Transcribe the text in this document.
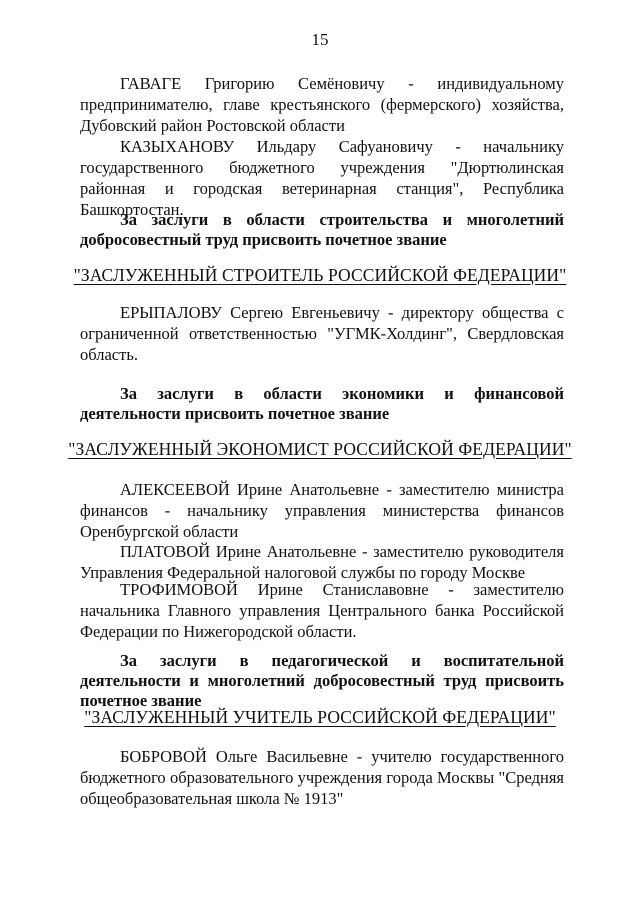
15
ГАВАГЕ Григорию Семёновичу - индивидуальному предпринимателю, главе крестьянского (фермерского) хозяйства, Дубовский район Ростовской области
КАЗЫХАНОВУ Ильдару Сафуановичу - начальнику государственного бюджетного учреждения "Дюртюлинская районная и городская ветеринарная станция", Республика Башкортостан.
За заслуги в области строительства и многолетний добросовестный труд присвоить почетное звание
"ЗАСЛУЖЕННЫЙ СТРОИТЕЛЬ РОССИЙСКОЙ ФЕДЕРАЦИИ"
ЕРЫПАЛОВУ Сергею Евгеньевичу - директору общества с ограниченной ответственностью "УГМК-Холдинг", Свердловская область.
За заслуги в области экономики и финансовой деятельности присвоить почетное звание
"ЗАСЛУЖЕННЫЙ ЭКОНОМИСТ РОССИЙСКОЙ ФЕДЕРАЦИИ"
АЛЕКСЕЕВОЙ Ирине Анатольевне - заместителю министра финансов - начальнику управления министерства финансов Оренбургской области
ПЛАТОВОЙ Ирине Анатольевне - заместителю руководителя Управления Федеральной налоговой службы по городу Москве
ТРОФИМОВОЙ Ирине Станиславовне - заместителю начальника Главного управления Центрального банка Российской Федерации по Нижегородской области.
За заслуги в педагогической и воспитательной деятельности и многолетний добросовестный труд присвоить почетное звание
"ЗАСЛУЖЕННЫЙ УЧИТЕЛЬ РОССИЙСКОЙ ФЕДЕРАЦИИ"
БОБРОВОЙ Ольге Васильевне - учителю государственного бюджетного образовательного учреждения города Москвы "Средняя общеобразовательная школа № 1913"
